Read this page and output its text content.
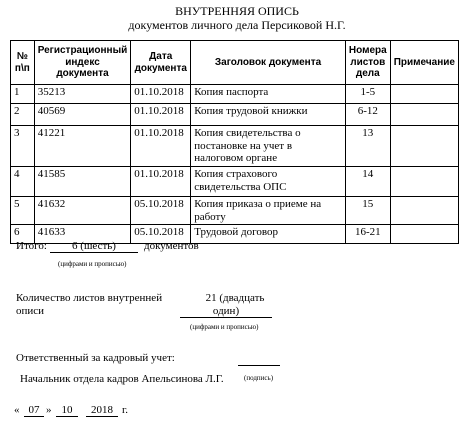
ВНУТРЕННЯЯ ОПИСЬ
документов личного дела Персиковой Н.Г.
№ п\п	Регистрационный индекс документа	Дата документа	Заголовок документа	Номера листов дела	Примечание
1	35213	01.10.2018	Копия паспорта	1-5	
2	40569	01.10.2018	Копия трудовой книжки	6-12	
3	41221	01.10.2018	Копия свидетельства о постановке на учет в налоговом органе	13	
4	41585	01.10.2018	Копия страхового свидетельства ОПС	14	
5	41632	05.10.2018	Копия приказа о приеме на работу	15	
6	41633	05.10.2018	Трудовой договор	16-21	
Итого:	6 (шесть)	документов
(цифрами и прописью)
Количество листов внутренней
описи
21 (двадцать
один)
(цифрами и прописью)
Ответственный за кадровый учет:
Начальник отдела кадров Апельсинова Л.Г.	(подпись)
« 07 » 10	2018 г.
